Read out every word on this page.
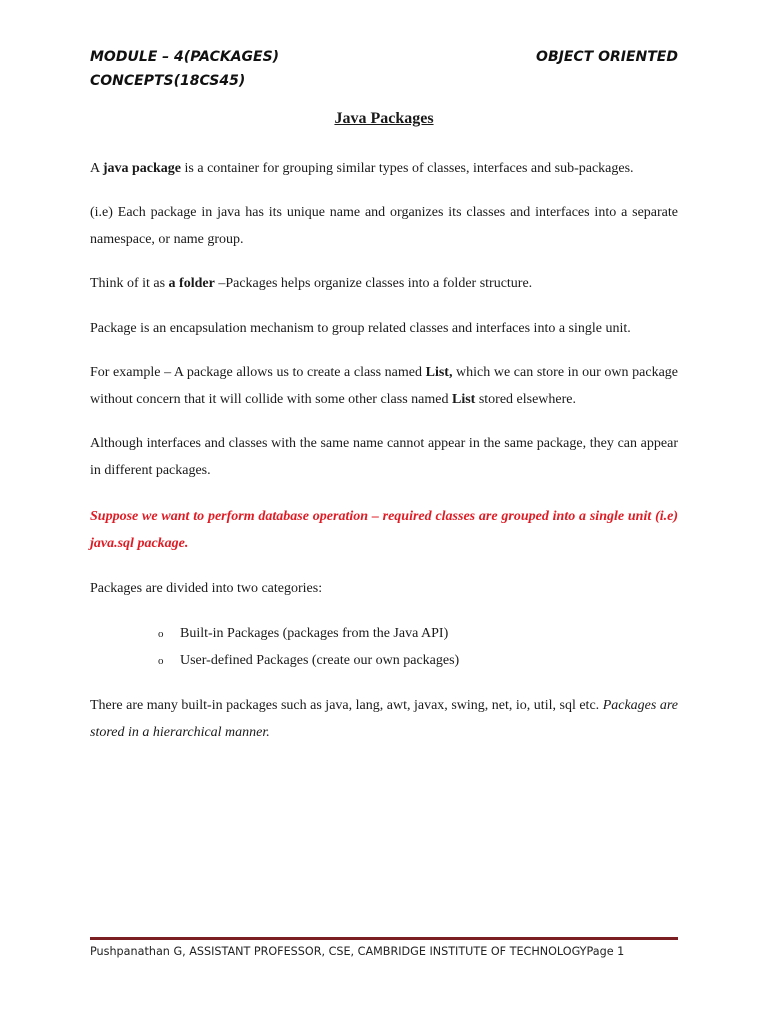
MODULE – 4(PACKAGES)	OBJECT ORIENTED
CONCEPTS(18CS45)
Java Packages
A java package is a container for grouping similar types of classes, interfaces and sub-packages.
(i.e) Each package in java has its unique name and organizes its classes and interfaces into a separate namespace, or name group.
Think of it as a folder –Packages helps organize classes into a folder structure.
Package is an encapsulation mechanism to group related classes and interfaces into a single unit.
For example – A package allows us to create a class named List, which we can store in our own package without concern that it will collide with some other class named List stored elsewhere.
Although interfaces and classes with the same name cannot appear in the same package, they can appear in different packages.
Suppose we want to perform database operation – required classes are grouped into a single unit (i.e) java.sql package.
Packages are divided into two categories:
o Built-in Packages (packages from the Java API)
o User-defined Packages (create our own packages)
There are many built-in packages such as java, lang, awt, javax, swing, net, io, util, sql etc. Packages are stored in a hierarchical manner.
Pushpanathan G, ASSISTANT PROFESSOR, CSE, CAMBRIDGE INSTITUTE OF TECHNOLOGYPage 1
